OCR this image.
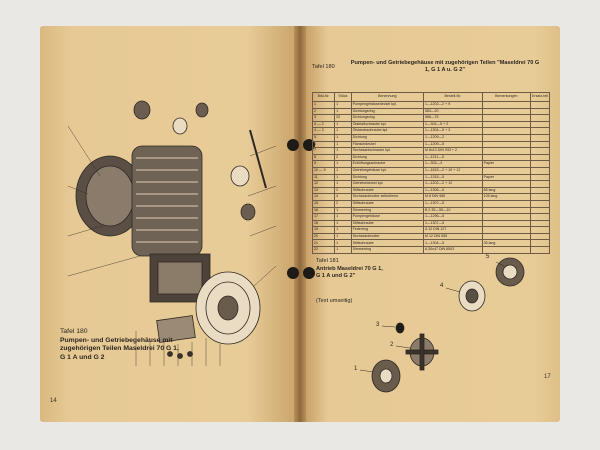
Tafel 180
Pumpen- und Getriebegehäuse mit zugehörigen Teilen Maseldrei 70 G 1, G 1 A und G 2
14
Tafel 180
Pumpen- und Getriebegehäuse mit zugehörigen Teilen "Maseldrei 70 G 1, G 1 A u. G 2"
Bild-Nr.	Stück	Benennung	Bestell-Nr.	Bemerkungen	Ersatz-teil
1	1	Pumpengehäusedeckel kpl.	1—1202—2 + 9		
2	1	Dichtungsring	583—20		
3	20	Dichtungsring	586—75		
4 — 2	1	Ölablaßschraube kpl.	1—304—5 + 2		
4 — 3	1	Ölstandsschraube kpl.	1—1304—5 + 3		
5	1	Dichtung	1—1209—2		
6	1	Flanschdeckel	1—1209—5		
7	1	Sechskantschraube kpl.	M 8x10 DIN 933 + 2		
8	2	Dichtung	1—1211—5		
9	1	Entlüftungsschraube	1—303—3	Papier	
10 — 9	1	Getriebegehäuse kpl.	1—1615—2 + 19 + 12		
11	1	Dichtung	1—1315—5	Papier	
12	1	Getriebedeckel kpl.	1—1202—2 + 12		
13	2	Stiftschraube	1—1306—5	85 lang	
14	4	Sechskantmutter selbstherm.	M 8 DIN 985	109 lang	
15	2	Stiftschraube	1—1307—5		
16	1	Simmerring	B 2 35—55—10		
17	1	Pumpengehäuse	1—1296—5		
18	1	Stiftschraube	1—1307—5		
19	1	Federring	A 12 DIN 127		
20	1	Sechskantmutter	M 12 DIN 555		
21	1	Stiftschraube	1—1304—5	35 lang	
22	1	Simmerring	A 30x47 DIN 6503		
Tafel 181
Antrieb Maseldrei 70 G 1, G 1 A und G 2"
(Text umseitig)
5
4
3
2
1
17
